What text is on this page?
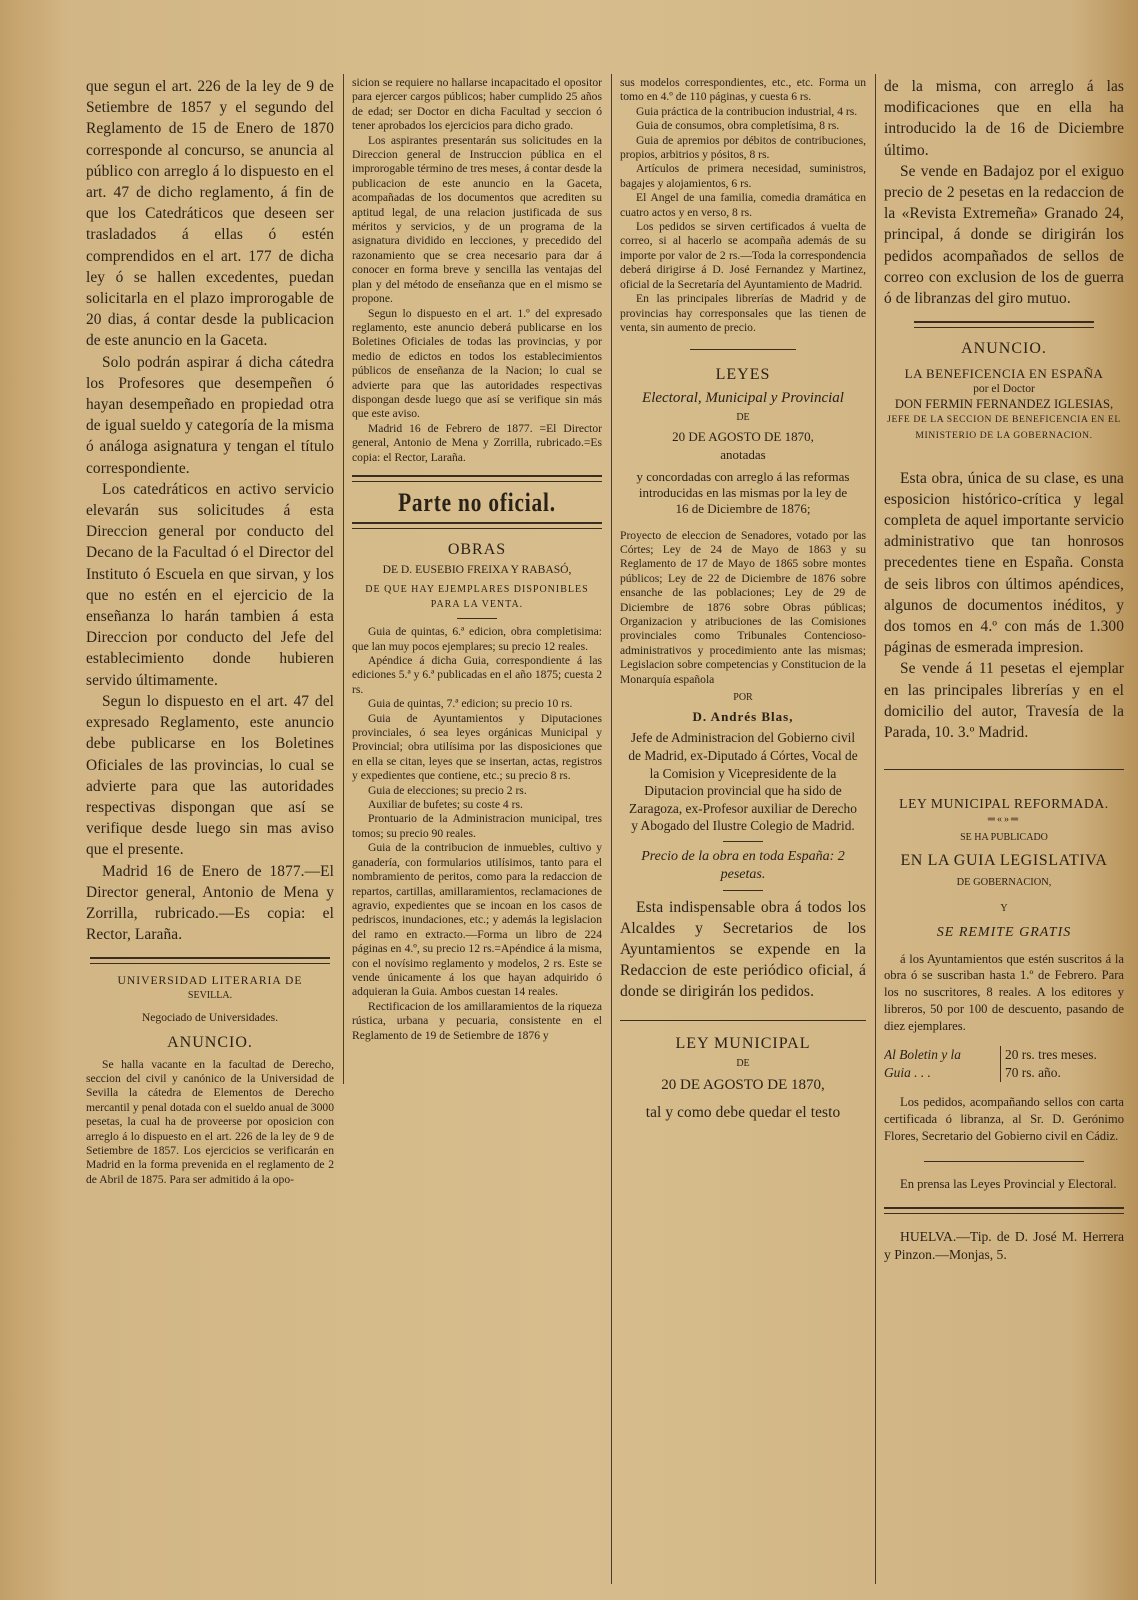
que segun el art. 226 de la ley de 9 de Setiembre de 1857 y el segundo del Reglamento de 15 de Enero de 1870 corresponde al concurso, se anuncia al público con arreglo á lo dispuesto en el art. 47 de dicho reglamento, á fin de que los Catedráticos que deseen ser trasladados á ellas ó estén comprendidos en el art. 177 de dicha ley ó se hallen excedentes, puedan solicitarla en el plazo improrogable de 20 dias, á contar desde la publicacion de este anuncio en la Gaceta.

Solo podrán aspirar á dicha cátedra los Profesores que desempeñen ó hayan desempeñado en propiedad otra de igual sueldo y categoría de la misma ó análoga asignatura y tengan el título correspondiente.

Los catedráticos en activo servicio elevarán sus solicitudes á esta Direccion general por conducto del Decano de la Facultad ó el Director del Instituto ó Escuela en que sirvan, y los que no estén en el ejercicio de la enseñanza lo harán tambien á esta Direccion por conducto del Jefe del establecimiento donde hubieren servido últimamente.

Segun lo dispuesto en el art. 47 del expresado Reglamento, este anuncio debe publicarse en los Boletines Oficiales de las provincias, lo cual se advierte para que las autoridades respectivas dispongan que así se verifique desde luego sin mas aviso que el presente.

Madrid 16 de Enero de 1877.—El Director general, Antonio de Mena y Zorrilla, rubricado.—Es copia: el Rector, Laraña.

UNIVERSIDAD LITERARIA DE

SEVILLA.

Negociado de Universidades.

ANUNCIO.

Se halla vacante en la facultad de Derecho, seccion del civil y canónico de la Universidad de Sevilla la cátedra de Elementos de Derecho mercantil y penal dotada con el sueldo anual de 3000 pesetas, la cual ha de proveerse por oposicion con arreglo á lo dispuesto en el art. 226 de la ley de 9 de Setiembre de 1857. Los ejercicios se verificarán en Madrid en la forma prevenida en el reglamento de 2 de Abril de 1875. Para ser admitido á la opo-

sicion se requiere no hallarse incapacitado el opositor para ejercer cargos públicos; haber cumplido 25 años de edad; ser Doctor en dicha Facultad y seccion ó tener aprobados los ejercicios para dicho grado.

Los aspirantes presentarán sus solicitudes en la Direccion general de Instruccion pública en el improrogable término de tres meses, á contar desde la publicacion de este anuncio en la Gaceta, acompañadas de los documentos que acrediten su aptitud legal, de una relacion justificada de sus méritos y servicios, y de un programa de la asignatura dividido en lecciones, y precedido del razonamiento que se crea necesario para dar á conocer en forma breve y sencilla las ventajas del plan y del método de enseñanza que en el mismo se propone.

Segun lo dispuesto en el art. 1.º del expresado reglamento, este anuncio deberá publicarse en los Boletines Oficiales de todas las provincias, y por medio de edictos en todos los establecimientos públicos de enseñanza de la Nacion; lo cual se advierte para que las autoridades respectivas dispongan desde luego que así se verifique sin más que este aviso.

Madrid 16 de Febrero de 1877. =El Director general, Antonio de Mena y Zorrilla, rubricado.=Es copia: el Rector, Laraña.

Parte no oficial.

OBRAS

DE D. EUSEBIO FREIXA Y RABASÓ,

DE QUE HAY EJEMPLARES DISPONIBLES PARA LA VENTA.

Guia de quintas, 6.ª edicion, obra completisima: que lan muy pocos ejemplares; su precio 12 reales.

Apéndice á dicha Guia, correspondiente á las ediciones 5.ª y 6.ª publicadas en el año 1875; cuesta 2 rs.

Guia de quintas, 7.ª edicion; su precio 10 rs.

Guia de Ayuntamientos y Diputaciones provinciales, ó sea leyes orgánicas Municipal y Provincial; obra utilísima por las disposiciones que en ella se citan, leyes que se insertan, actas, registros y expedientes que contiene, etc.; su precio 8 rs.

Guia de elecciones; su precio 2 rs.

Auxiliar de bufetes; su coste 4 rs.

Prontuario de la Administracion municipal, tres tomos; su precio 90 reales.

Guia de la contribucion de inmuebles, cultivo y ganadería, con formularios utilísimos, tanto para el nombramiento de peritos, como para la redaccion de repartos, cartillas, amillaramientos, reclamaciones de agravio, expedientes que se incoan en los casos de pedriscos, inundaciones, etc.; y además la legislacion del ramo en extracto.—Forma un libro de 224 páginas en 4.º, su precio 12 rs.=Apéndice á la misma, con el novísimo reglamento y modelos, 2 rs. Este se vende únicamente á los que hayan adquirido ó adquieran la Guia. Ambos cuestan 14 reales.

Rectificacion de los amillaramientos de la riqueza rústica, urbana y pecuaria, consistente en el Reglamento de 19 de Setiembre de 1876 y

sus modelos correspondientes, etc., etc. Forma un tomo en 4.º de 110 páginas, y cuesta 6 rs.

Guia práctica de la contribucion industrial, 4 rs.

Guia de consumos, obra completísima, 8 rs.

Guia de apremios por débitos de contribuciones, propios, arbitrios y pósitos, 8 rs.

Artículos de primera necesidad, suministros, bagajes y alojamientos, 6 rs.

El Angel de una familia, comedia dramática en cuatro actos y en verso, 8 rs.

Los pedidos se sirven certificados á vuelta de correo, si al hacerlo se acompaña además de su importe por valor de 2 rs.—Toda la correspondencia deberá dirigirse á D. José Fernandez y Martinez, oficial de la Secretaría del Ayuntamiento de Madrid.

En las principales librerías de Madrid y de provincias hay corresponsales que las tienen de venta, sin aumento de precio.

LEYES

Electoral, Municipal y Provincial

DE

20 DE AGOSTO DE 1870,

anotadas

y concordadas con arreglo á las reformas introducidas en las mismas por la ley de 16 de Diciembre de 1876;

Proyecto de eleccion de Senadores, votado por las Córtes; Ley de 24 de Mayo de 1863 y su Reglamento de 17 de Mayo de 1865 sobre montes públicos; Ley de 22 de Diciembre de 1876 sobre ensanche de las poblaciones; Ley de 29 de Diciembre de 1876 sobre Obras públicas; Organizacion y atribuciones de las Comisiones provinciales como Tribunales Contencioso-administrativos y procedimiento ante las mismas; Legislacion sobre competencias y Constitucion de la Monarquía española

POR

D. Andrés Blas,

Jefe de Administracion del Gobierno civil de Madrid, ex-Diputado á Córtes, Vocal de la Comision y Vicepresidente de la Diputacion provincial que ha sido de Zaragoza, ex-Profesor auxiliar de Derecho y Abogado del Ilustre Colegio de Madrid.

Precio de la obra en toda España: 2 pesetas.

Esta indispensable obra á todos los Alcaldes y Secretarios de los Ayuntamientos se expende en la Redaccion de este periódico oficial, á donde se dirigirán los pedidos.

LEY MUNICIPAL

DE

20 DE AGOSTO DE 1870,

tal y como debe quedar el testo

de la misma, con arreglo á las modificaciones que en ella ha introducido la de 16 de Diciembre último.

Se vende en Badajoz por el exiguo precio de 2 pesetas en la redaccion de la «Revista Extremeña» Granado 24, principal, á donde se dirigirán los pedidos acompañados de sellos de correo con exclusion de los de guerra ó de libranzas del giro mutuo.

ANUNCIO.

LA BENEFICENCIA EN ESPAÑA

por el Doctor

DON FERMIN FERNANDEZ IGLESIAS,

JEFE DE LA SECCION DE BENEFICENCIA EN EL MINISTERIO DE LA GOBERNACION.

Esta obra, única de su clase, es una esposicion histórico-crítica y legal completa de aquel importante servicio administrativo que tan honrosos precedentes tiene en España. Consta de seis libros con últimos apéndices, algunos de documentos inéditos, y dos tomos en 4.º con más de 1.300 páginas de esmerada impresion.

Se vende á 11 pesetas el ejemplar en las principales librerías y en el domicilio del autor, Travesía de la Parada, 10. 3.º Madrid.

LEY MUNICIPAL REFORMADA.

═«»═

SE HA PUBLICADO

EN LA GUIA LEGISLATIVA

DE GOBERNACION,

Y

SE REMITE GRATIS

á los Ayuntamientos que estén suscritos á la obra ó se suscriban hasta 1.º de Febrero. Para los no suscritores, 8 reales. A los editores y libreros, 50 por 100 de descuento, pasando de diez ejemplares.

Al Boletin y la
Guia . . .
20 rs. tres meses.
70 rs. año.

Los pedidos, acompañando sellos con carta certificada ó libranza, al Sr. D. Gerónimo Flores, Secretario del Gobierno civil en Cádiz.

En prensa las Leyes Provincial y Electoral.

HUELVA.—Tip. de D. José M. Herrera y Pinzon.—Monjas, 5.
